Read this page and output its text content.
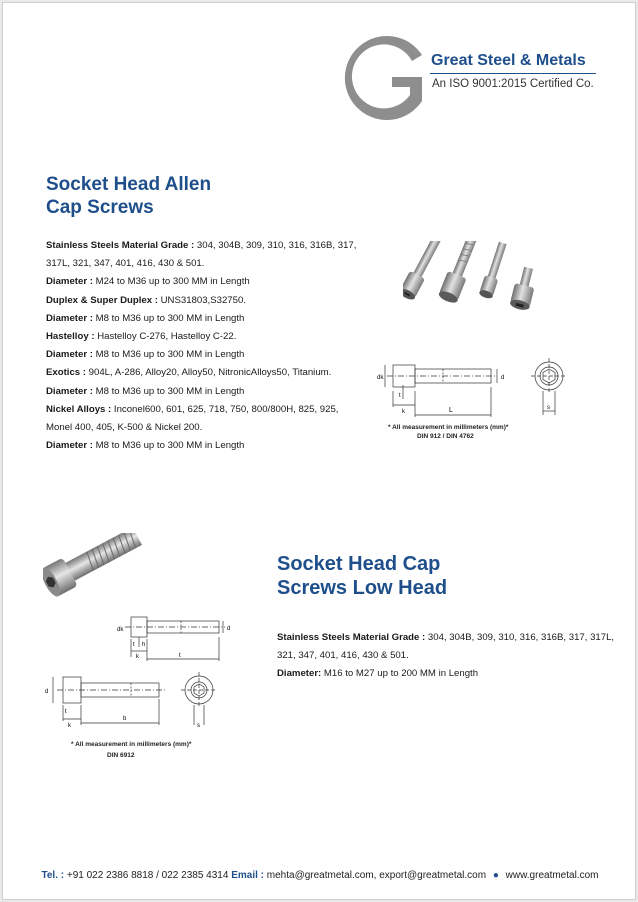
Great Steel & Metals
An ISO 9001:2015 Certified Co.
Socket Head Allen
Cap Screws
Stainless Steels Material Grade : 304, 304B, 309, 310, 316, 316B, 317,
317L, 321, 347, 401, 416, 430 & 501.
Diameter : M24 to M36 up to 300 MM in Length
Duplex & Super Duplex : UNS31803,S32750.
Diameter : M8 to M36 up to 300 MM in Length
Hastelloy : Hastelloy C-276, Hastelloy C-22.
Diameter : M8 to M36 up to 300 MM in Length
Exotics : 904L, A-286, Alloy20, Alloy50, NitronicAlloys50, Titanium.
Diameter : M8 to M36 up to 300 MM in Length
Nickel Alloys : Inconel600, 601, 625, 718, 750, 800/800H, 825, 925,
Monel 400, 405, K-500 & Nickel 200.
Diameter : M8 to M36 up to 300 MM in Length
dk	d
t
k	L	s
* All measurement in millimeters (mm)*
DIN 912 / DIN 4762
dk	d
t h
k	t
d
t
k
b
s
* All measurement in millimeters (mm)*
DIN 6912
Socket Head Cap
Screws Low Head
Stainless Steels Material Grade : 304, 304B, 309, 310, 316, 316B, 317, 317L,
321, 347, 401, 416, 430 & 501.
Diameter: M16 to M27 up to 200 MM in Length
Tel. : +91 022 2386 8818 / 022 2385 4314 Email : mehta@greatmetal.com, export@greatmetal.com ● www.greatmetal.com
